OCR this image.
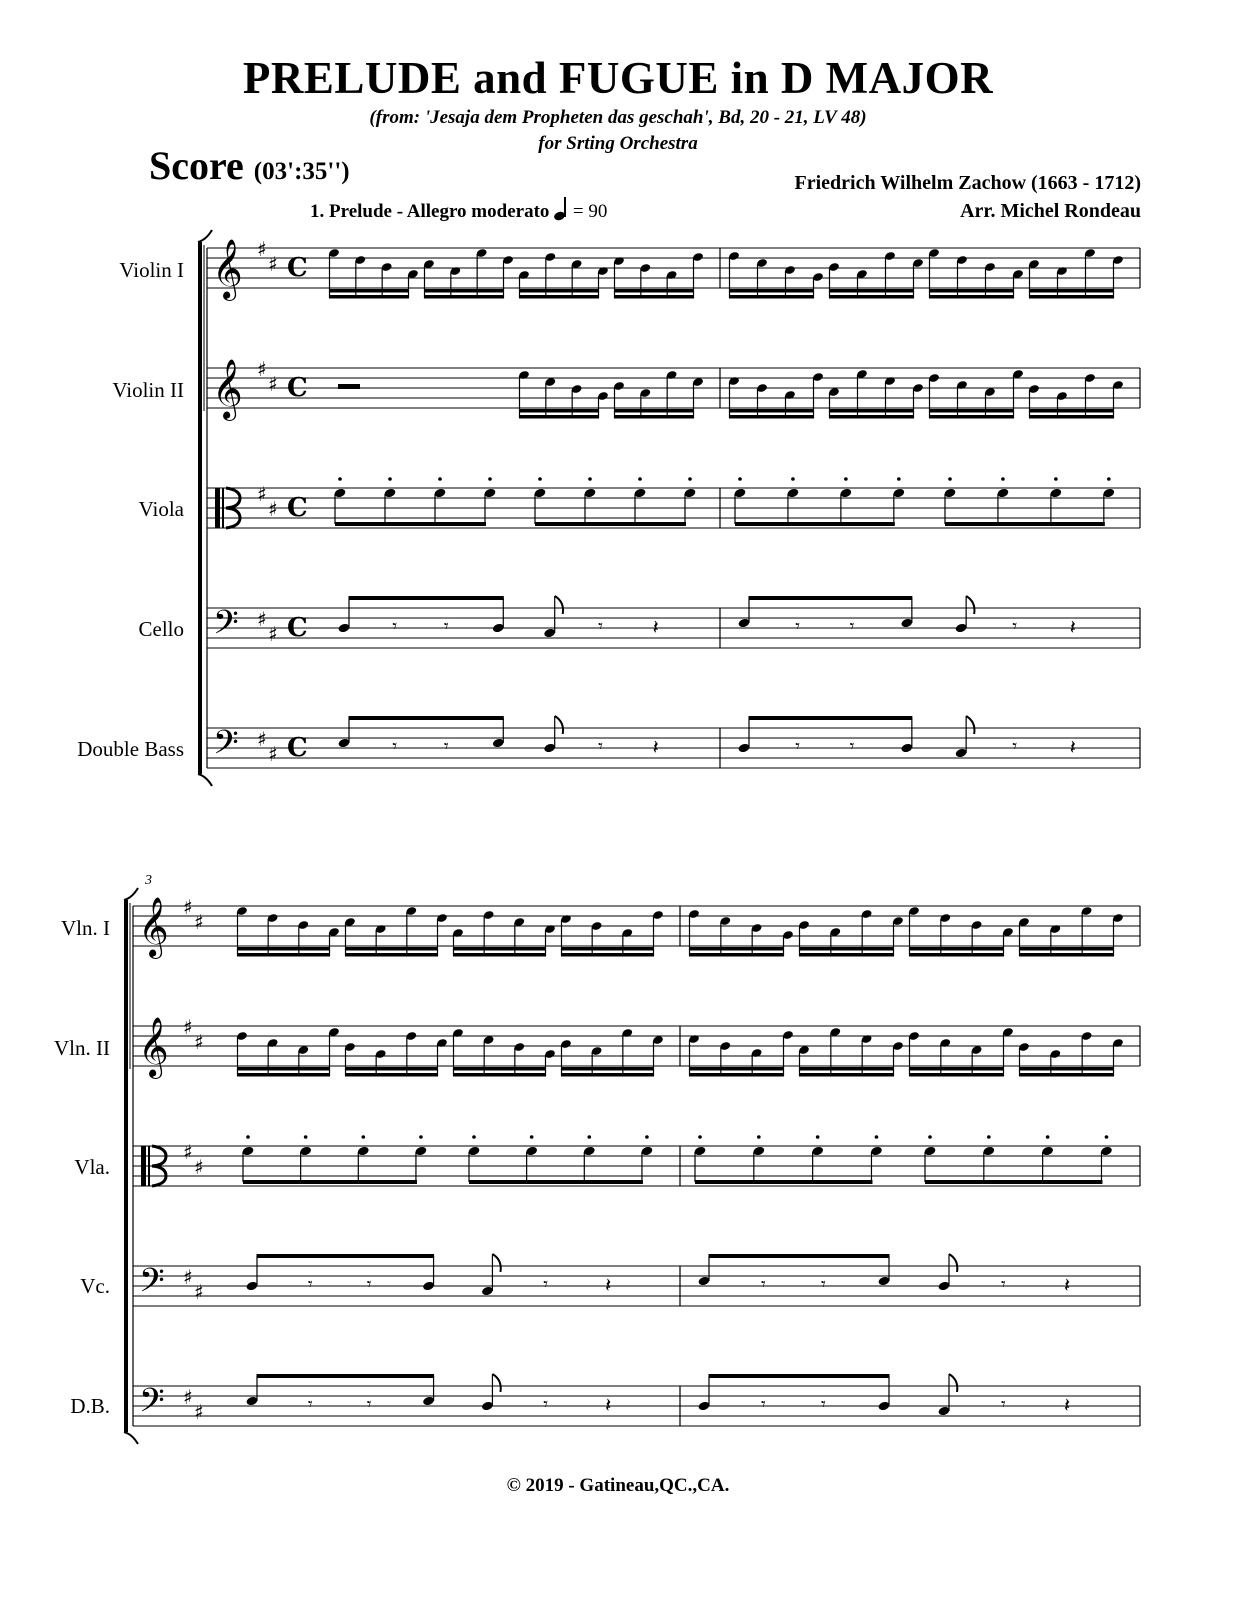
PRELUDE and FUGUE in D MAJOR
(from: 'Jesaja dem Propheten das geschah', Bd, 20 - 21, LV 48)
for Srting Orchestra
Score (03':35'')	Friedrich Wilhelm Zachow (1663 - 1712)
Arr. Michel Rondeau
1. Prelude - Allegro moderato = 90
Violin I
Violin II
Viola
Cello
Double Bass
Vln. I
Vln. II
Vla.
Vc.
D.B.
3
𝄞 ♯
♯ C
𝄞 ♯
♯ C
♯
♯ C
𝄢 ♯
♯ C	𝄾	𝄾	𝄾 𝄽	𝄾	𝄾	𝄾	𝄽
𝄢 ♯
♯ C	𝄾	𝄾	𝄾 𝄽	𝄾	𝄾	𝄾	𝄽
𝄞 ♯
♯
𝄞 ♯
♯
♯
♯
𝄢 ♯
♯	𝄾	𝄾	𝄾	𝄽	𝄾	𝄾	𝄾	𝄽
𝄢 ♯
♯	𝄾	𝄾	𝄾	𝄽	𝄾	𝄾	𝄾	𝄽
© 2019 - Gatineau,QC.,CA.
